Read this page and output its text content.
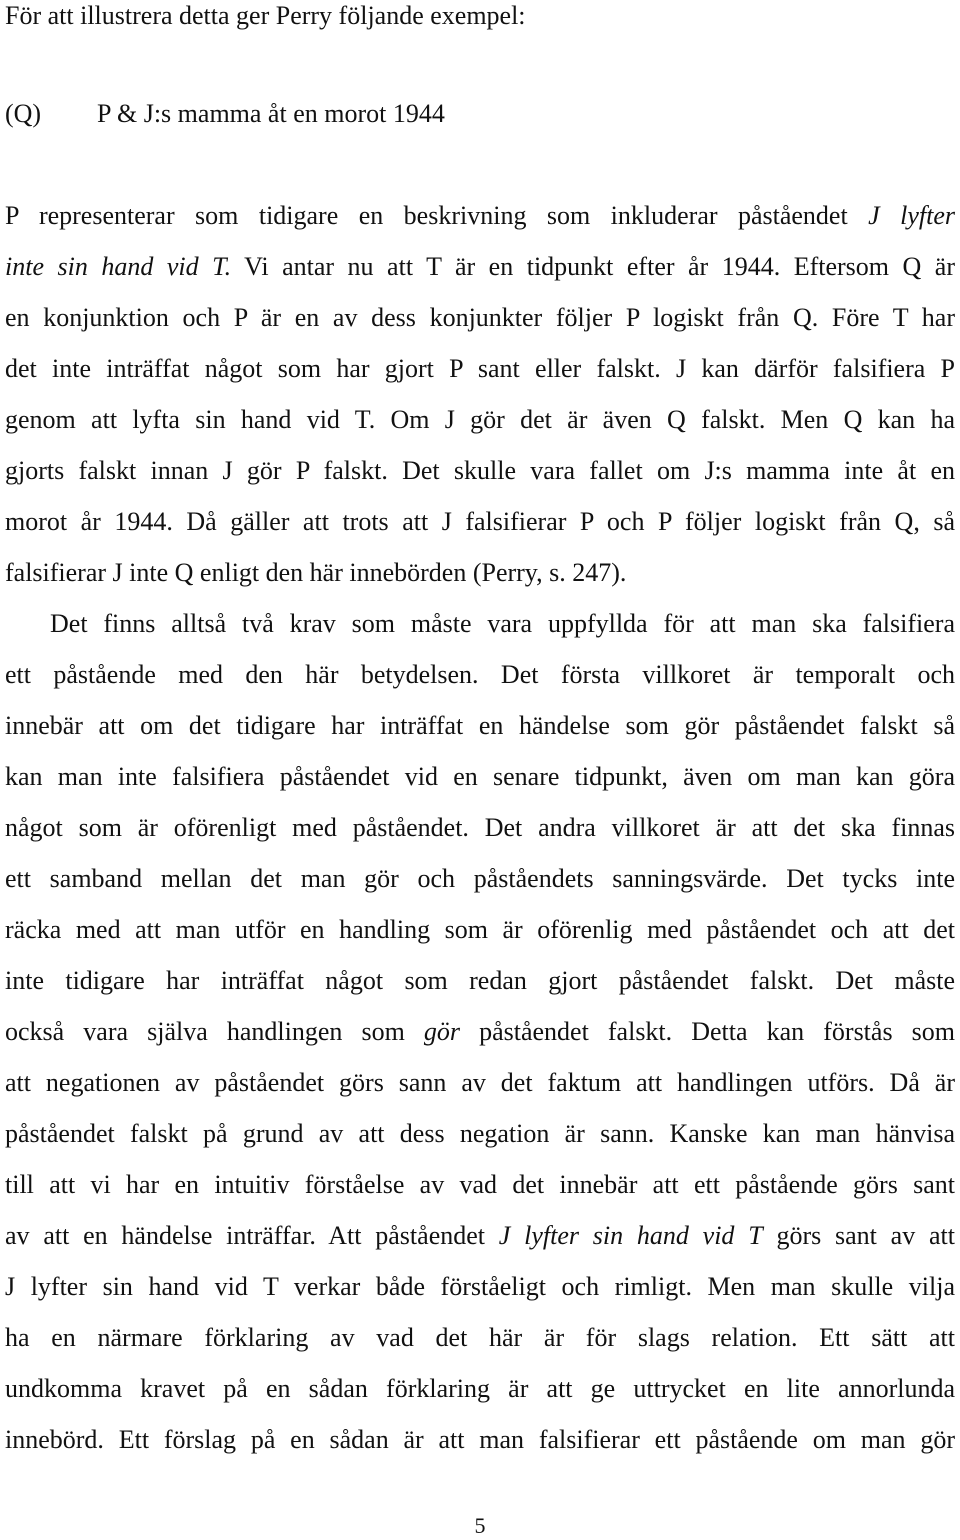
För att illustrera detta ger Perry följande exempel:
(Q) P & J:s mamma åt en morot 1944
P representerar som tidigare en beskrivning som inkluderar påståendet J lyfter
inte sin hand vid T. Vi antar nu att T är en tidpunkt efter år 1944. Eftersom Q är
en konjunktion och P är en av dess konjunkter följer P logiskt från Q. Före T har
det inte inträffat något som har gjort P sant eller falskt. J kan därför falsifiera P
genom att lyfta sin hand vid T. Om J gör det är även Q falskt. Men Q kan ha
gjorts falskt innan J gör P falskt. Det skulle vara fallet om J:s mamma inte åt en
morot år 1944. Då gäller att trots att J falsifierar P och P följer logiskt från Q, så
falsifierar J inte Q enligt den här innebörden (Perry, s. 247).
Det finns alltså två krav som måste vara uppfyllda för att man ska falsifiera
ett påstående med den här betydelsen. Det första villkoret är temporalt och
innebär att om det tidigare har inträffat en händelse som gör påståendet falskt så
kan man inte falsifiera påståendet vid en senare tidpunkt, även om man kan göra
något som är oförenligt med påståendet. Det andra villkoret är att det ska finnas
ett samband mellan det man gör och påståendets sanningsvärde. Det tycks inte
räcka med att man utför en handling som är oförenlig med påståendet och att det
inte tidigare har inträffat något som redan gjort påståendet falskt. Det måste
också vara själva handlingen som gör påståendet falskt. Detta kan förstås som
att negationen av påståendet görs sann av det faktum att handlingen utförs. Då är
påståendet falskt på grund av att dess negation är sann. Kanske kan man hänvisa
till att vi har en intuitiv förståelse av vad det innebär att ett påstående görs sant
av att en händelse inträffar. Att påståendet J lyfter sin hand vid T görs sant av att
J lyfter sin hand vid T verkar både förståeligt och rimligt. Men man skulle vilja
ha en närmare förklaring av vad det här är för slags relation. Ett sätt att
undkomma kravet på en sådan förklaring är att ge uttrycket en lite annorlunda
innebörd. Ett förslag på en sådan är att man falsifierar ett påstående om man gör
5
